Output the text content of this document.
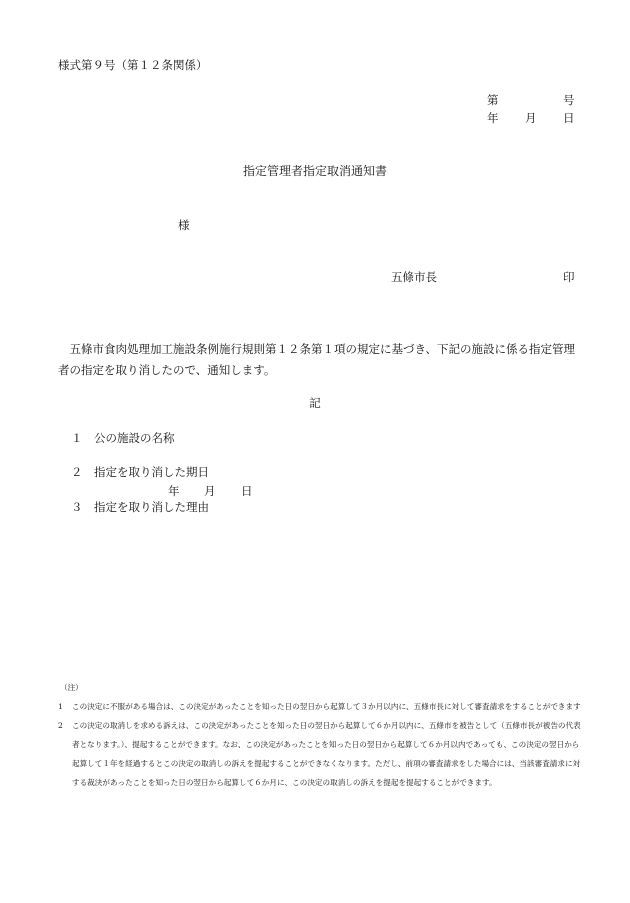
様式第９号（第１２条関係）
第	号
年 月 日
指定管理者指定取消通知書
様
五條市長	印
五條市食肉処理加工施設条例施行規則第１２条第１項の規定に基づき、下記の施設に係る指定管理者の指定を取り消したので、通知します。
記
１ 公の施設の名称
２ 指定を取り消した期日
年 月 日
３ 指定を取り消した理由
（注）
1	この決定に不服がある場合は、この決定があったことを知った日の翌日から起算して３か月以内に、五條市長に対して審査請求をすることができます
2	この決定の取消しを求める訴えは、この決定があったことを知った日の翌日から起算して６か月以内に、五條市を被告として（五條市長が被告の代表者となります。）、提起することができます。なお、この決定があったことを知った日の翌日から起算して６か月以内であっても、この決定の翌日から起算して１年を経過するとこの決定の取消しの訴えを提起することができなくなります。ただし、前項の審査請求をした場合には、当該審査請求に対する裁決があったことを知った日の翌日から起算して６か月に、この決定の取消しの訴えを提起を提起することができます。
